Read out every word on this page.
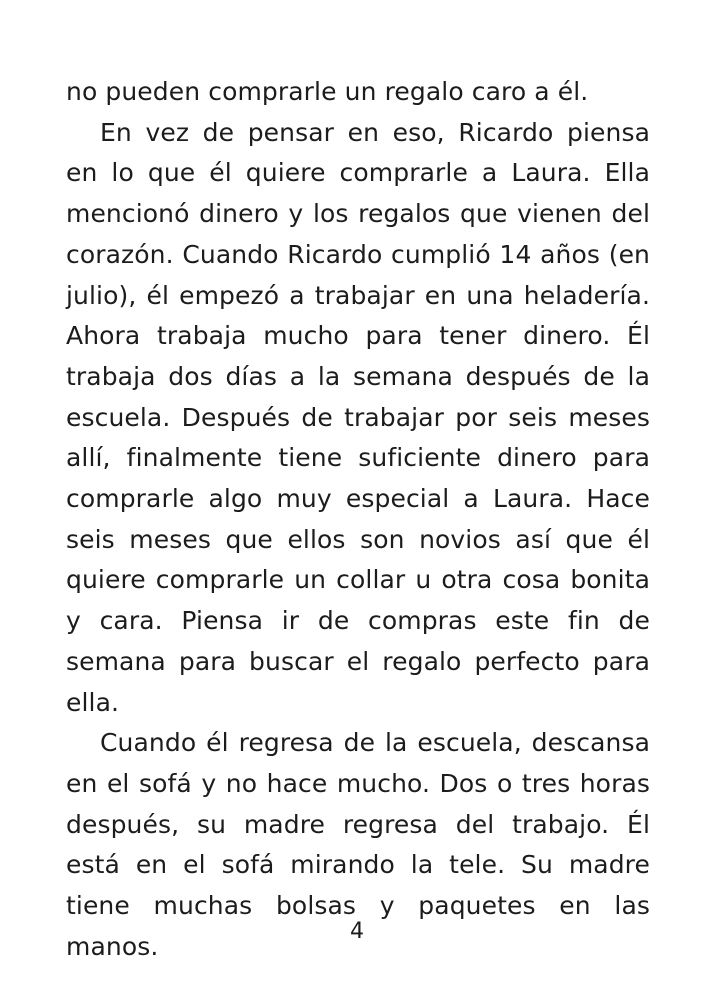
no pueden comprarle un regalo caro a él.

En vez de pensar en eso, Ricardo piensa en lo que él quiere comprarle a Laura. Ella mencionó dinero y los regalos que vienen del corazón. Cuando Ricardo cumplió 14 años (en julio), él empezó a trabajar en una heladería. Ahora trabaja mucho para tener dinero. Él trabaja dos días a la semana después de la escuela. Después de trabajar por seis meses allí, finalmente tiene suficiente dinero para comprarle algo muy especial a Laura. Hace seis meses que ellos son novios así que él quiere comprarle un collar u otra cosa bonita y cara. Piensa ir de compras este fin de semana para buscar el regalo perfecto para ella.

Cuando él regresa de la escuela, descansa en el sofá y no hace mucho. Dos o tres horas después, su madre regresa del trabajo. Él está en el sofá mirando la tele. Su madre tiene muchas bolsas y paquetes en las manos.

4
